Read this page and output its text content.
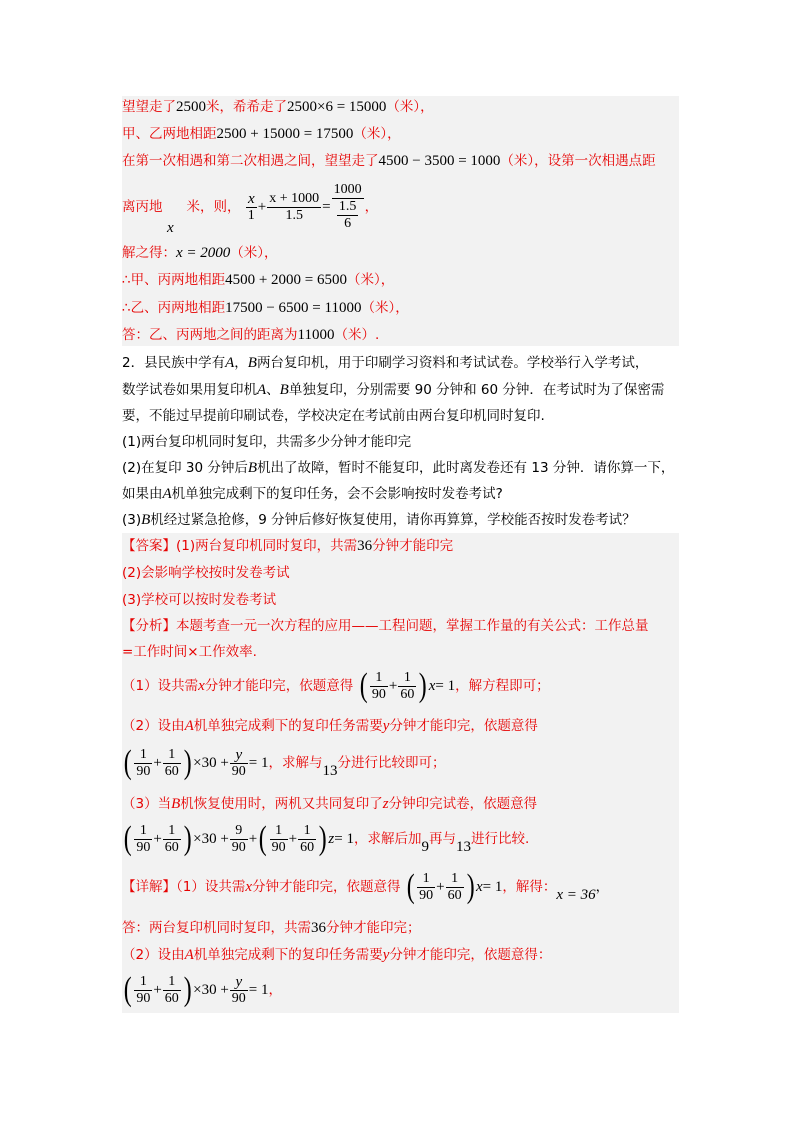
望望走了2500米，希希走了2500×6 = 15000（米），
甲、乙两地相距2500 + 15000 = 17500（米），
在第一次相遇和第二次相遇之间，望望走了4500 − 3500 = 1000（米），设第一次相遇点距
离丙地 米，则， $\frac{x}{1} + \frac{x + 1000}{1.5} = \frac{1000}{\frac{1.5}{6}}$ ，
x
解之得：x = 2000（米），
∴甲、丙两地相距4500 + 2000 = 6500（米），
∴乙、丙两地相距17500 − 6500 = 11000（米），
答：乙、丙两地之间的距离为11000（米）.
2．县民族中学有A，B两台复印机，用于印刷学习资料和考试试卷。学校举行入学考试，
数学试卷如果用复印机A、B单独复印，分别需要 90 分钟和 60 分钟．在考试时为了保密需
要，不能过早提前印刷试卷，学校决定在考试前由两台复印机同时复印.
(1)两台复印机同时复印，共需多少分钟才能印完
(2)在复印 30 分钟后B机出了故障，暂时不能复印，此时离发卷还有 13 分钟．请你算一下，
如果由A机单独完成剩下的复印任务，会不会影响按时发卷考试?
(3)B机经过紧急抢修，9 分钟后修好恢复使用，请你再算算，学校能否按时发卷考试？
【答案】(1)两台复印机同时复印，共需36分钟才能印完
(2)会影响学校按时发卷考试
(3)学校可以按时发卷考试
【分析】本题考查一元一次方程的应用——工程问题，掌握工作量的有关公式：工作总量
=工作时间×工作效率.
（1）设共需x分钟才能印完，依题意得 ( $\frac{1}{90} + \frac{1}{60}$ ) x= 1，解方程即可；
（2）设由A机单独完成剩下的复印任务需要y分钟才能印完，依题意得
( $\frac{1}{90} + \frac{1}{60}$ ) $\times 30 + \frac{y}{90} = 1$，求解与13分进行比较即可；
（3）当B机恢复使用时，两机又共同复印了z分钟印完试卷，依题意得
( $\frac{1}{90} + \frac{1}{60}$ ) $\times 30 + \frac{9}{90}$ +( $\frac{1}{90} + \frac{1}{60}$ ) z= 1，求解后加9再与13进行比较.
【详解】（1）设共需x分钟才能印完，依题意得 ( $\frac{1}{90} + \frac{1}{60}$ ) x= 1，解得：x = 36，
答：两台复印机同时复印，共需36分钟才能印完；
（2）设由A机单独完成剩下的复印任务需要y分钟才能印完，依题意得：
( $\frac{1}{90} + \frac{1}{60}$ ) $\times 30 + \frac{y}{90} = 1$，
